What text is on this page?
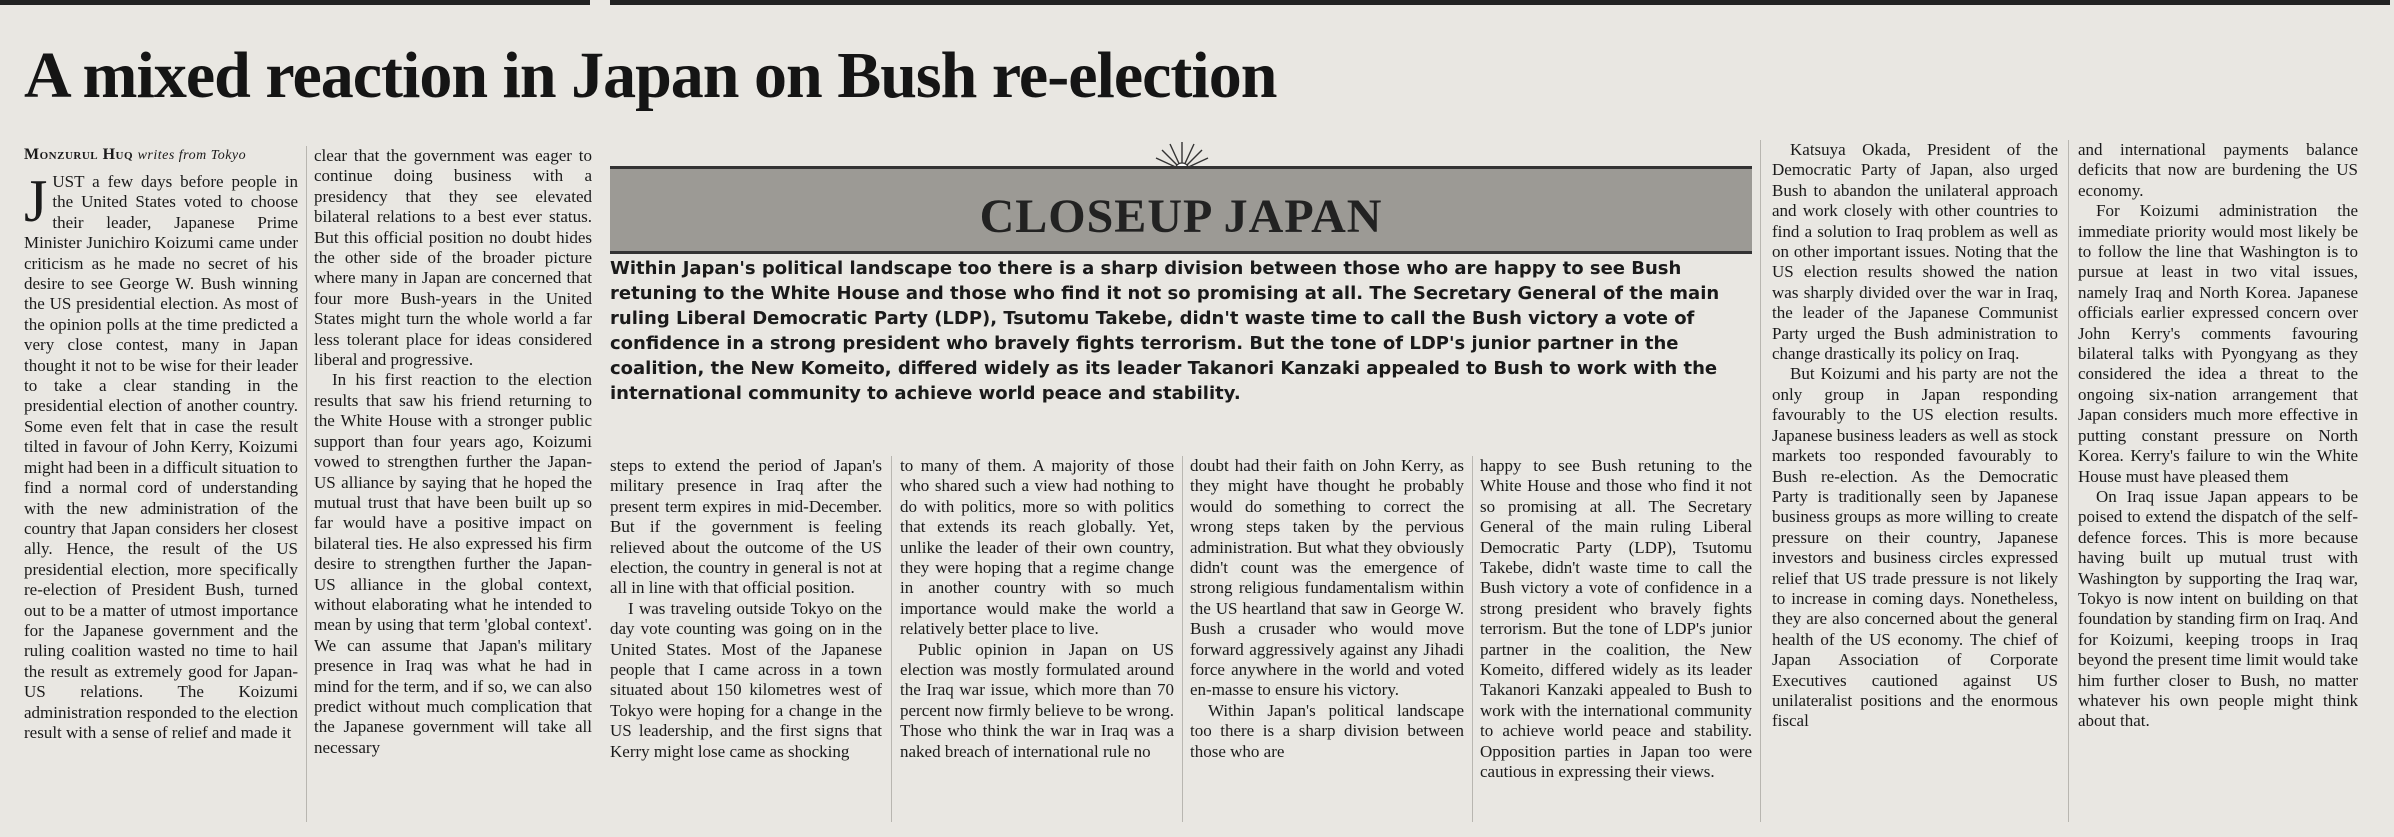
A mixed reaction in Japan on Bush re-election
Monzurul Huq writes from Tokyo

JUST a few days before people in the United States voted to choose their leader, Japanese Prime Minister Junichiro Koizumi came under criticism as he made no secret of his desire to see George W. Bush winning the US presidential election. As most of the opinion polls at the time predicted a very close contest, many in Japan thought it not to be wise for their leader to take a clear standing in the presidential election of another country. Some even felt that in case the result tilted in favour of John Kerry, Koizumi might had been in a difficult situation to find a normal cord of understanding with the new administration of the country that Japan considers her closest ally. Hence, the result of the US presidential election, more specifically re-election of President Bush, turned out to be a matter of utmost importance for the Japanese government and the ruling coalition wasted no time to hail the result as extremely good for Japan-US relations. The Koizumi administration responded to the election result with a sense of relief and made it

clear that the government was eager to continue doing business with a presidency that they see elevated bilateral relations to a best ever status. But this official position no doubt hides the other side of the broader picture where many in Japan are concerned that four more Bush-years in the United States might turn the whole world a far less tolerant place for ideas considered liberal and progressive.

In his first reaction to the election results that saw his friend returning to the White House with a stronger public support than four years ago, Koizumi vowed to strengthen further the Japan-US alliance by saying that he hoped the mutual trust that have been built up so far would have a positive impact on bilateral ties. He also expressed his firm desire to strengthen further the Japan-US alliance in the global context, without elaborating what he intended to mean by using that term 'global context'. We can assume that Japan's military presence in Iraq was what he had in mind for the term, and if so, we can also predict without much complication that the Japanese government will take all necessary

CLOSEUP JAPAN

Within Japan's political landscape too there is a sharp division between those who are happy to see Bush retuning to the White House and those who find it not so promising at all. The Secretary General of the main ruling Liberal Democratic Party (LDP), Tsutomu Takebe, didn't waste time to call the Bush victory a vote of confidence in a strong president who bravely fights terrorism. But the tone of LDP's junior partner in the coalition, the New Komeito, differed widely as its leader Takanori Kanzaki appealed to Bush to work with the international community to achieve world peace and stability.

steps to extend the period of Japan's military presence in Iraq after the present term expires in mid-December. But if the government is feeling relieved about the outcome of the US election, the country in general is not at all in line with that official position.

I was traveling outside Tokyo on the day vote counting was going on in the United States. Most of the Japanese people that I came across in a town situated about 150 kilometres west of Tokyo were hoping for a change in the US leadership, and the first signs that Kerry might lose came as shocking

to many of them. A majority of those who shared such a view had nothing to do with politics, more so with politics that extends its reach globally. Yet, unlike the leader of their own country, they were hoping that a regime change in another country with so much importance would make the world a relatively better place to live.

Public opinion in Japan on US election was mostly formulated around the Iraq war issue, which more than 70 percent now firmly believe to be wrong. Those who think the war in Iraq was a naked breach of international rule no

doubt had their faith on John Kerry, as they might have thought he probably would do something to correct the wrong steps taken by the pervious administration. But what they obviously didn't count was the emergence of strong religious fundamentalism within the US heartland that saw in George W. Bush a crusader who would move forward aggressively against any Jihadi force anywhere in the world and voted en-masse to ensure his victory.

Within Japan's political landscape too there is a sharp division between those who are

happy to see Bush retuning to the White House and those who find it not so promising at all. The Secretary General of the main ruling Liberal Democratic Party (LDP), Tsutomu Takebe, didn't waste time to call the Bush victory a vote of confidence in a strong president who bravely fights terrorism. But the tone of LDP's junior partner in the coalition, the New Komeito, differed widely as its leader Takanori Kanzaki appealed to Bush to work with the international community to achieve world peace and stability. Opposition parties in Japan too were cautious in expressing their views.

Katsuya Okada, President of the Democratic Party of Japan, also urged Bush to abandon the unilateral approach and work closely with other countries to find a solution to Iraq problem as well as on other important issues. Noting that the US election results showed the nation was sharply divided over the war in Iraq, the leader of the Japanese Communist Party urged the Bush administration to change drastically its policy on Iraq.

But Koizumi and his party are not the only group in Japan responding favourably to the US election results. Japanese business leaders as well as stock markets too responded favourably to Bush re-election. As the Democratic Party is traditionally seen by Japanese business groups as more willing to create pressure on their country, Japanese investors and business circles expressed relief that US trade pressure is not likely to increase in coming days. Nonetheless, they are also concerned about the general health of the US economy. The chief of Japan Association of Corporate Executives cautioned against US unilateralist positions and the enormous fiscal

and international payments balance deficits that now are burdening the US economy.

For Koizumi administration the immediate priority would most likely be to follow the line that Washington is to pursue at least in two vital issues, namely Iraq and North Korea. Japanese officials earlier expressed concern over John Kerry's comments favouring bilateral talks with Pyongyang as they considered the idea a threat to the ongoing six-nation arrangement that Japan considers much more effective in putting constant pressure on North Korea. Kerry's failure to win the White House must have pleased them

On Iraq issue Japan appears to be poised to extend the dispatch of the self-defence forces. This is more because having built up mutual trust with Washington by supporting the Iraq war, Tokyo is now intent on building on that foundation by standing firm on Iraq. And for Koizumi, keeping troops in Iraq beyond the present time limit would take him further closer to Bush, no matter whatever his own people might think about that.
